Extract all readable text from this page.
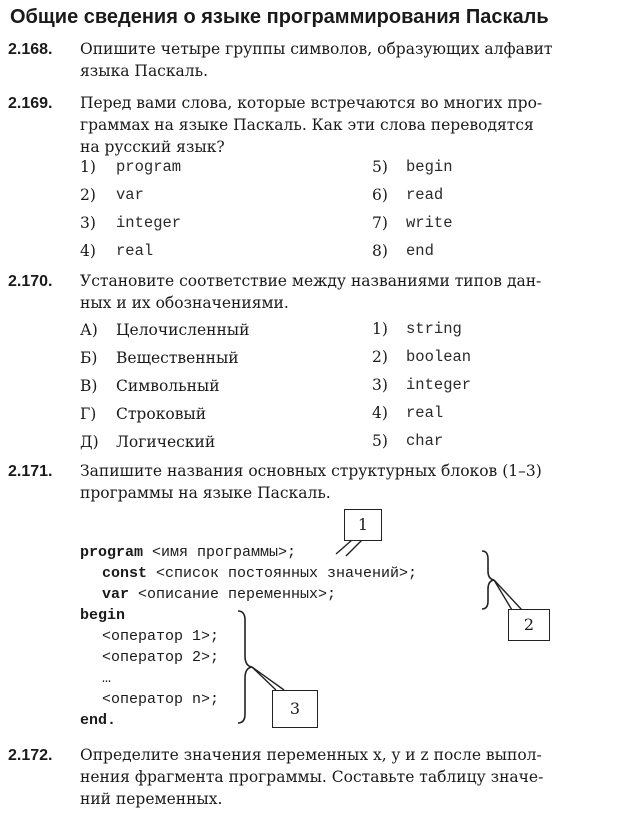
Общие сведения о языке программирования Паскаль
2.168. Опишите четыре группы символов, образующих алфавит
языка Паскаль.
2.169. Перед вами слова, которые встречаются во многих про-
граммах на языке Паскаль. Как эти слова переводятся
на русский язык?
1) program
2) var
3) integer
4) real
5) begin
6) read
7) write
8) end
2.170. Установите соответствие между названиями типов дан-
ных и их обозначениями.
А) Целочисленный
Б) Вещественный
В) Символьный
Г) Строковый
Д) Логический
1) string
2) boolean
3) integer
4) real
5) char
2.171. Запишите названия основных структурных блоков (1–3)
программы на языке Паскаль.
program <имя программы>;
const <список постоянных значений>;
var <описание переменных>;
begin
<оператор 1>;
<оператор 2>;
…
<оператор n>;
end.
1
2
3
2.172. Определите значения переменных x, y и z после выпол-
нения фрагмента программы. Составьте таблицу значе-
ний переменных.
